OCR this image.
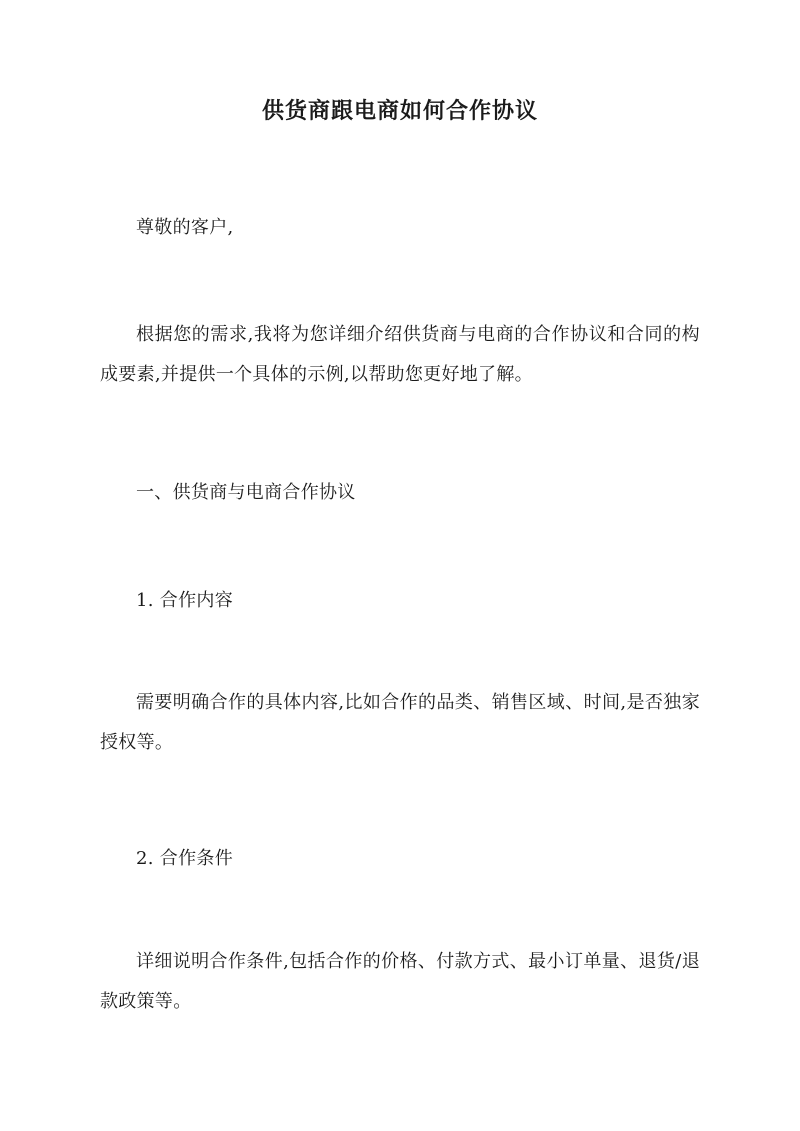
供货商跟电商如何合作协议
尊敬的客户,
根据您的需求,我将为您详细介绍供货商与电商的合作协议和合同的构成要素,并提供一个具体的示例,以帮助您更好地了解。
一、供货商与电商合作协议
1. 合作内容
需要明确合作的具体内容,比如合作的品类、销售区域、时间,是否独家授权等。
2. 合作条件
详细说明合作条件,包括合作的价格、付款方式、最小订单量、退货/退款政策等。
